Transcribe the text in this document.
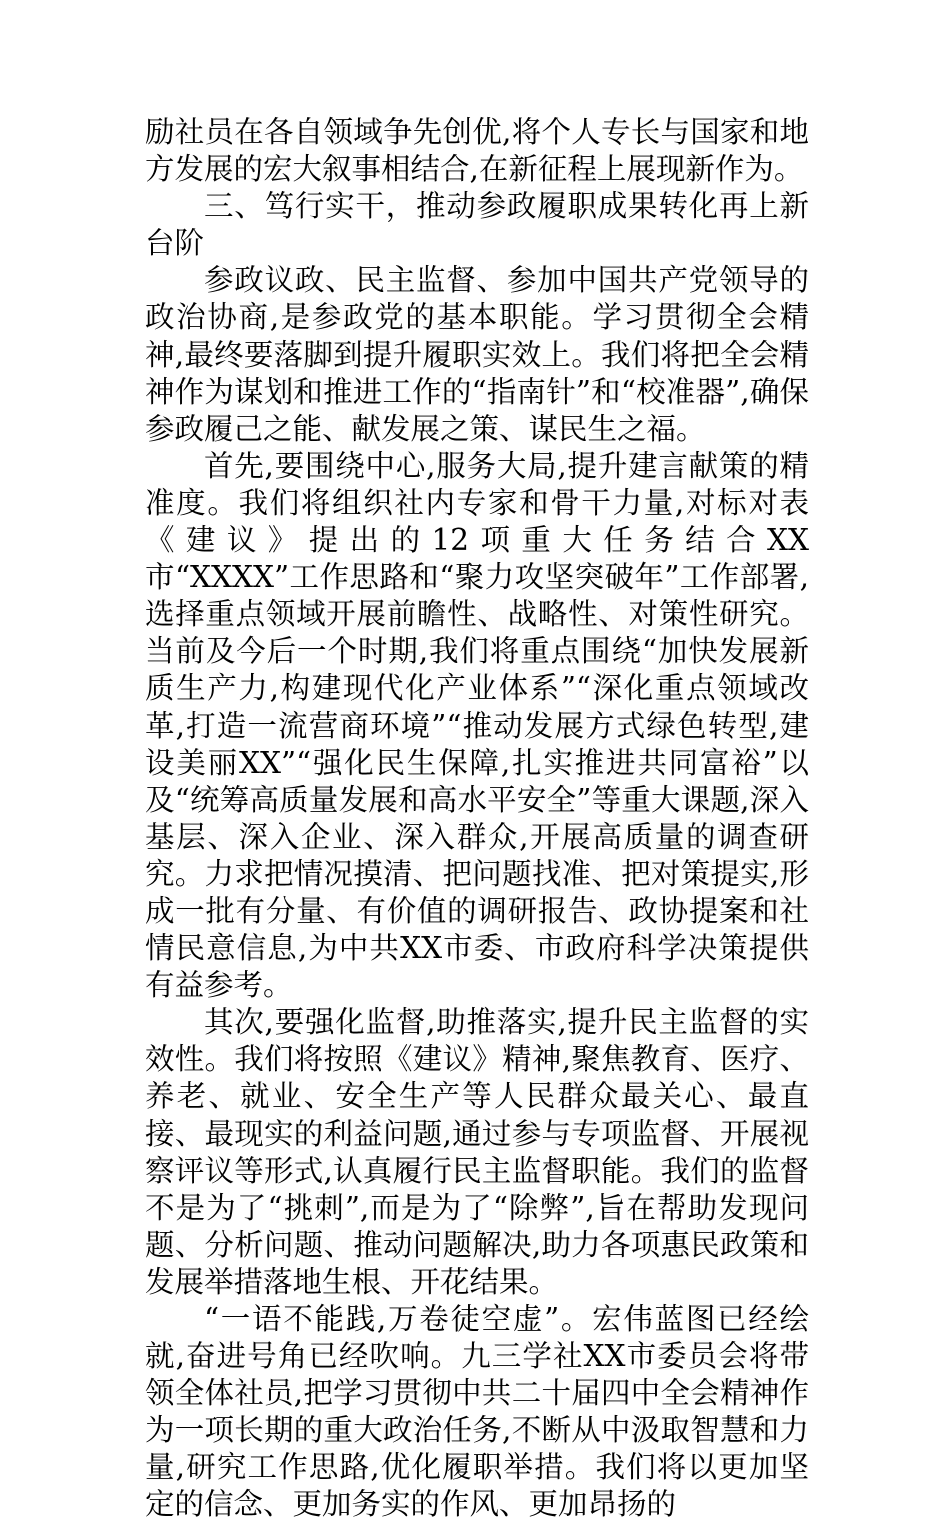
励社员在各自领域争先创优,将个人专长与国家和地方发展的宏大叙事相结合,在新征程上展现新作为。

三、笃行实干，推动参政履职成果转化再上新台阶

参政议政、民主监督、参加中国共产党领导的政治协商,是参政党的基本职能。学习贯彻全会精神,最终要落脚到提升履职实效上。我们将把全会精神作为谋划和推进工作的“指南针”和“校准器”,确保参政履己之能、献发展之策、谋民生之福。

首先,要围绕中心,服务大局,提升建言献策的精准度。我们将组织社内专家和骨干力量,对标对表《建议》提出的12项重大任务结合XX市“XXXX”工作思路和“聚力攻坚突破年”工作部署,选择重点领域开展前瞻性、战略性、对策性研究。当前及今后一个时期,我们将重点围绕“加快发展新质生产力,构建现代化产业体系”“深化重点领域改革,打造一流营商环境”“推动发展方式绿色转型,建设美丽XX”“强化民生保障,扎实推进共同富裕”以及“统筹高质量发展和高水平安全”等重大课题,深入基层、深入企业、深入群众,开展高质量的调查研究。力求把情况摸清、把问题找准、把对策提实,形成一批有分量、有价值的调研报告、政协提案和社情民意信息,为中共XX市委、市政府科学决策提供有益参考。

其次,要强化监督,助推落实,提升民主监督的实效性。我们将按照《建议》精神,聚焦教育、医疗、养老、就业、安全生产等人民群众最关心、最直接、最现实的利益问题,通过参与专项监督、开展视察评议等形式,认真履行民主监督职能。我们的监督不是为了“挑刺”,而是为了“除弊”,旨在帮助发现问题、分析问题、推动问题解决,助力各项惠民政策和发展举措落地生根、开花结果。

“一语不能践,万卷徒空虚”。宏伟蓝图已经绘就,奋进号角已经吹响。九三学社XX市委员会将带领全体社员,把学习贯彻中共二十届四中全会精神作为一项长期的重大政治任务,不断从中汲取智慧和力量,研究工作思路,优化履职举措。我们将以更加坚定的信念、更加务实的作风、更加昂扬的
